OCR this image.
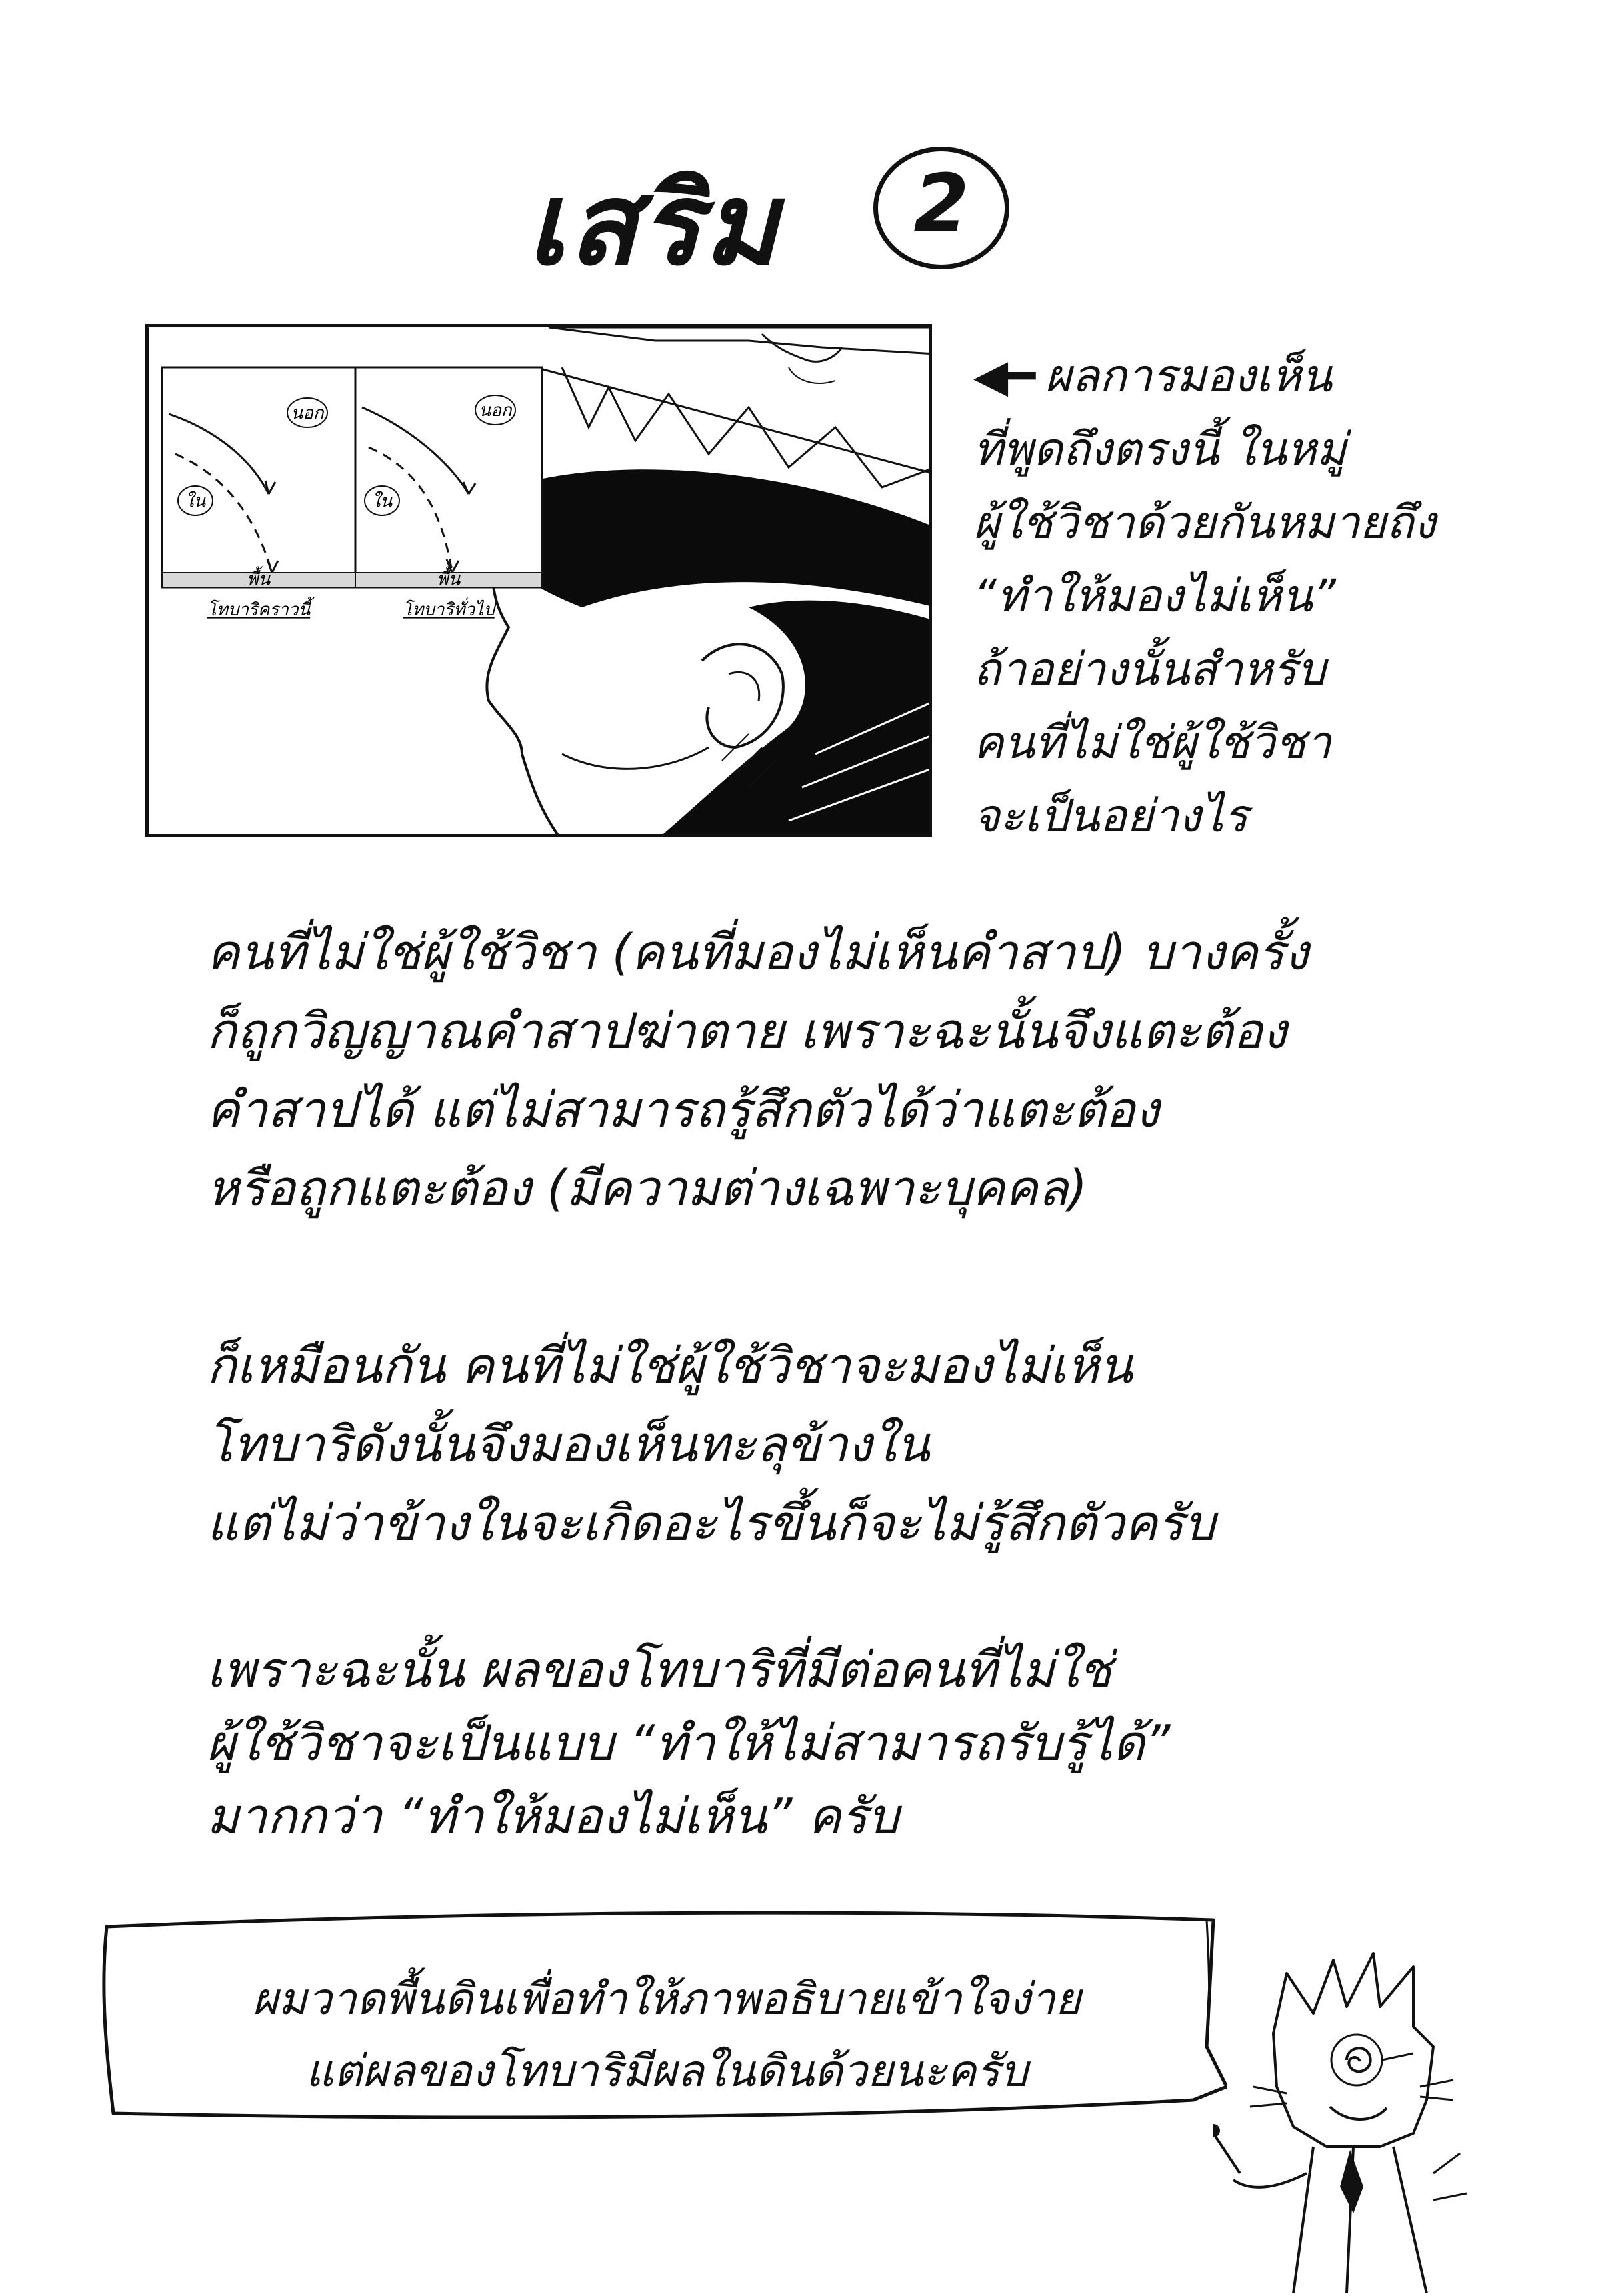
เสริม	2
นอก
ใน
พื้น
โทบาริคราวนี้
นอก
ใน
พื้น
โทบาริทั่วไป
◀━ ผลการมองเห็น
ที่พูดถึงตรงนี้ ในหมู่
ผู้ใช้วิชาด้วยกันหมายถึง
“ทำให้มองไม่เห็น”
ถ้าอย่างนั้นสำหรับ
คนที่ไม่ใช่ผู้ใช้วิชา
จะเป็นอย่างไร
คนที่ไม่ใช่ผู้ใช้วิชา (คนที่มองไม่เห็นคำสาป) บางครั้ง
ก็ถูกวิญญาณคำสาปฆ่าตาย เพราะฉะนั้นจึงแตะต้อง
คำสาปได้ แต่ไม่สามารถรู้สึกตัวได้ว่าแตะต้อง
หรือถูกแตะต้อง (มีความต่างเฉพาะบุคคล)
ก็เหมือนกัน คนที่ไม่ใช่ผู้ใช้วิชาจะมองไม่เห็น
โทบาริดังนั้นจึงมองเห็นทะลุข้างใน
แต่ไม่ว่าข้างในจะเกิดอะไรขึ้นก็จะไม่รู้สึกตัวครับ
เพราะฉะนั้น ผลของโทบาริที่มีต่อคนที่ไม่ใช่
ผู้ใช้วิชาจะเป็นแบบ “ทำให้ไม่สามารถรับรู้ได้”
มากกว่า “ทำให้มองไม่เห็น” ครับ
ผมวาดพื้นดินเพื่อทำให้ภาพอธิบายเข้าใจง่าย
แต่ผลของโทบาริมีผลในดินด้วยนะครับ
